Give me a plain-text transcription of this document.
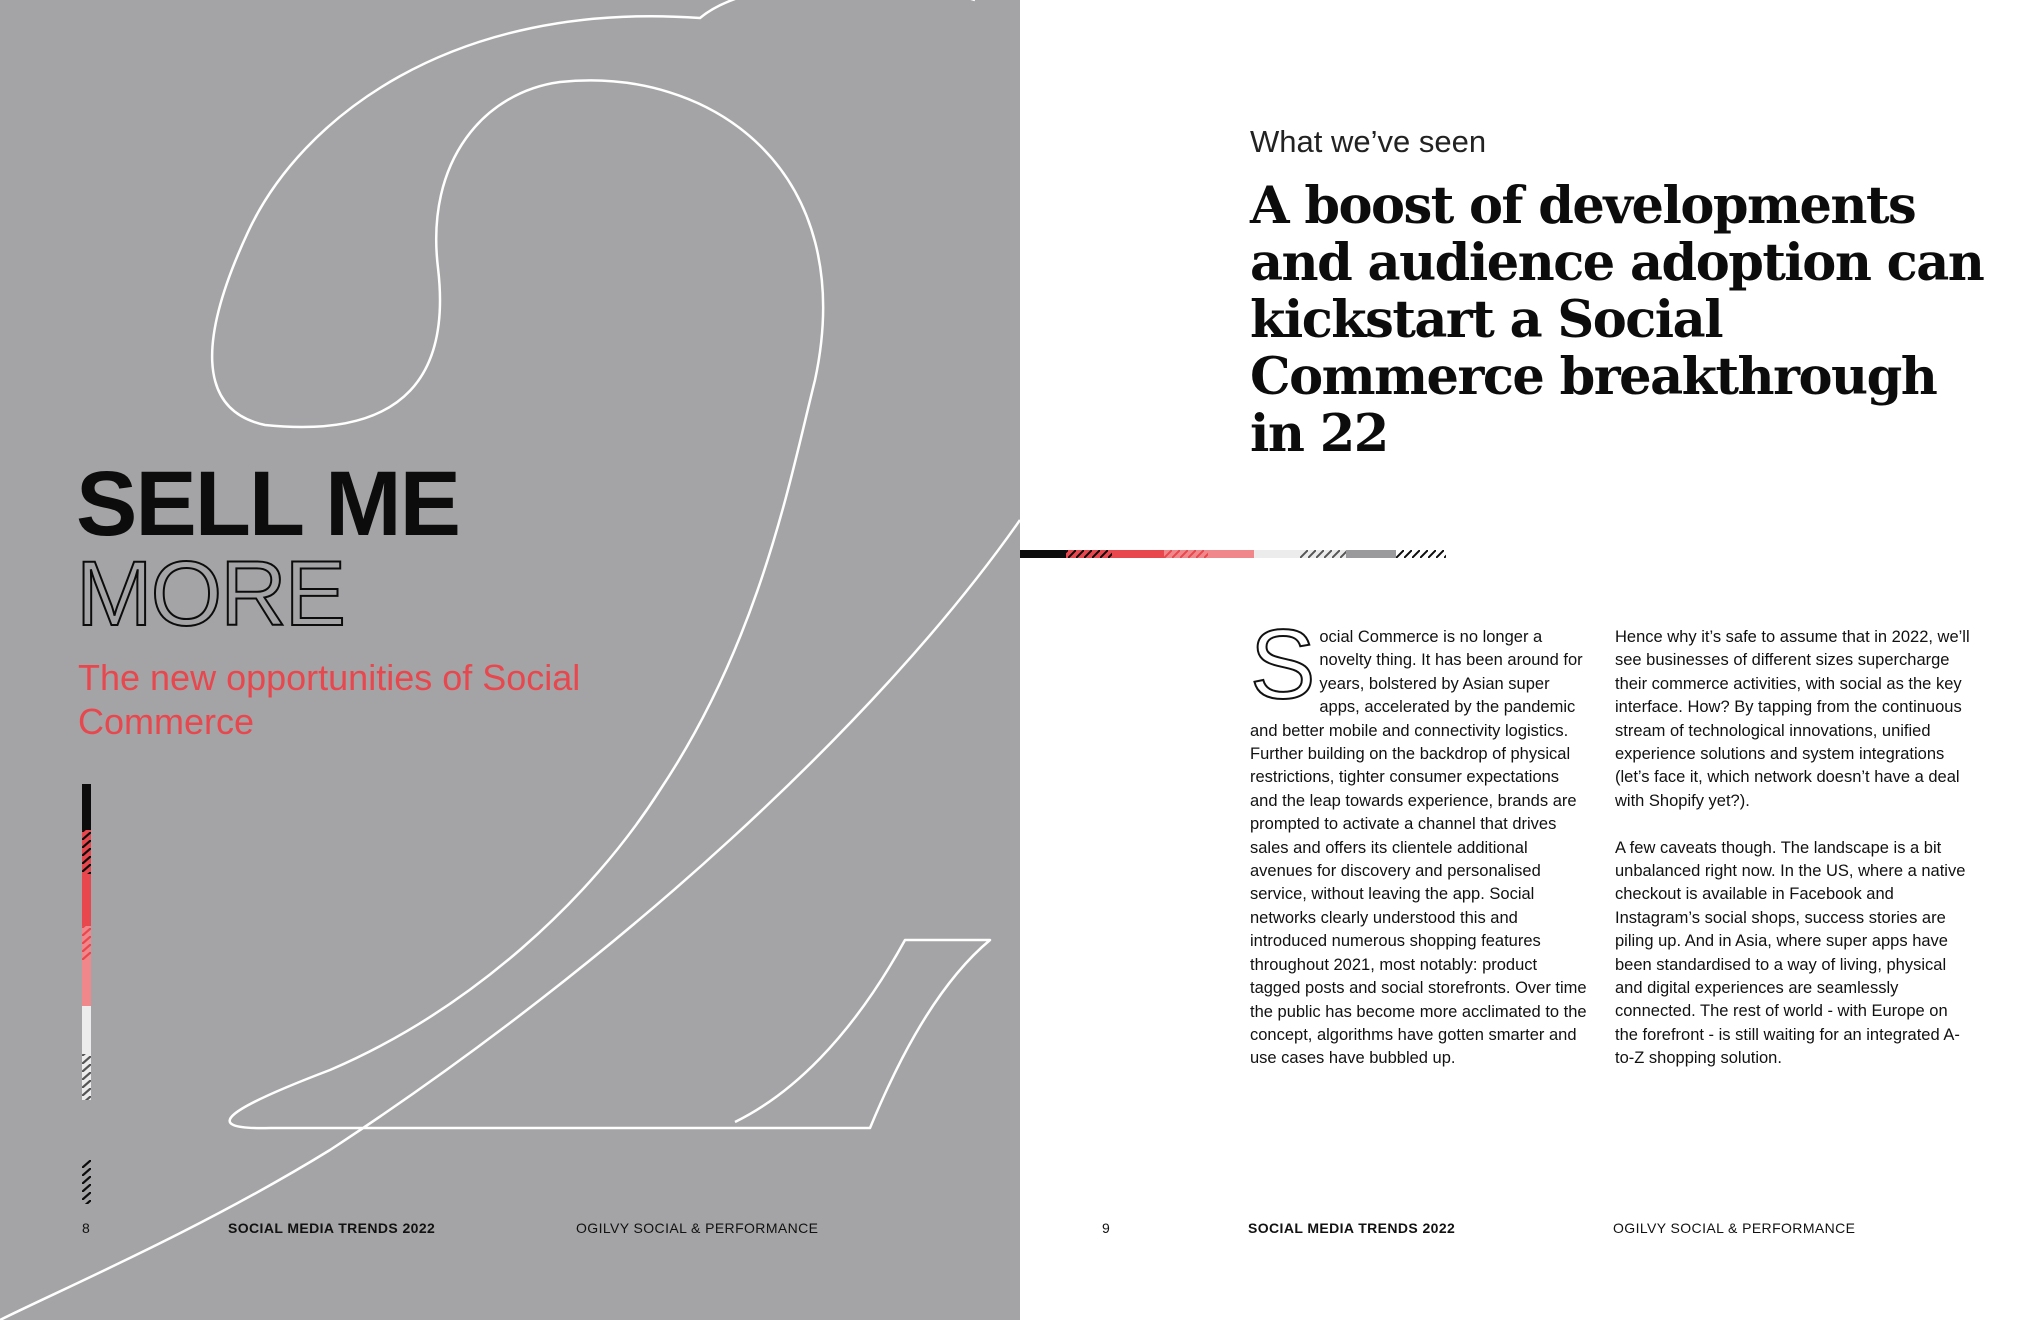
SELL ME
MORE

The new opportunities of Social Commerce

8	SOCIAL MEDIA TRENDS 2022	OGILVY SOCIAL & PERFORMANCE
What we’ve seen
A boost of developments and audience adoption can kickstart a Social Commerce breakthrough in 22

Social Commerce is no longer a novelty thing. It has been around for years, bolstered by Asian super apps, accelerated by the pandemic and better mobile and connectivity logistics. Further building on the backdrop of physical restrictions, tighter consumer expectations and the leap towards experience, brands are prompted to activate a channel that drives sales and offers its clientele additional avenues for discovery and personalised service, without leaving the app. Social networks clearly understood this and introduced numerous shopping features throughout 2021, most notably: product tagged posts and social storefronts. Over time the public has become more acclimated to the concept, algorithms have gotten smarter and use cases have bubbled up.

Hence why it’s safe to assume that in 2022, we’ll see businesses of different sizes supercharge their commerce activities, with social as the key interface. How? By tapping from the continuous stream of technological innovations, unified experience solutions and system integrations (let’s face it, which network doesn’t have a deal with Shopify yet?).

A few caveats though. The landscape is a bit unbalanced right now. In the US, where a native checkout is available in Facebook and Instagram’s social shops, success stories are piling up. And in Asia, where super apps have been standardised to a way of living, physical and digital experiences are seamlessly connected. The rest of world - with Europe on the forefront - is still waiting for an integrated A-to-Z shopping solution.

9	SOCIAL MEDIA TRENDS 2022	OGILVY SOCIAL & PERFORMANCE
